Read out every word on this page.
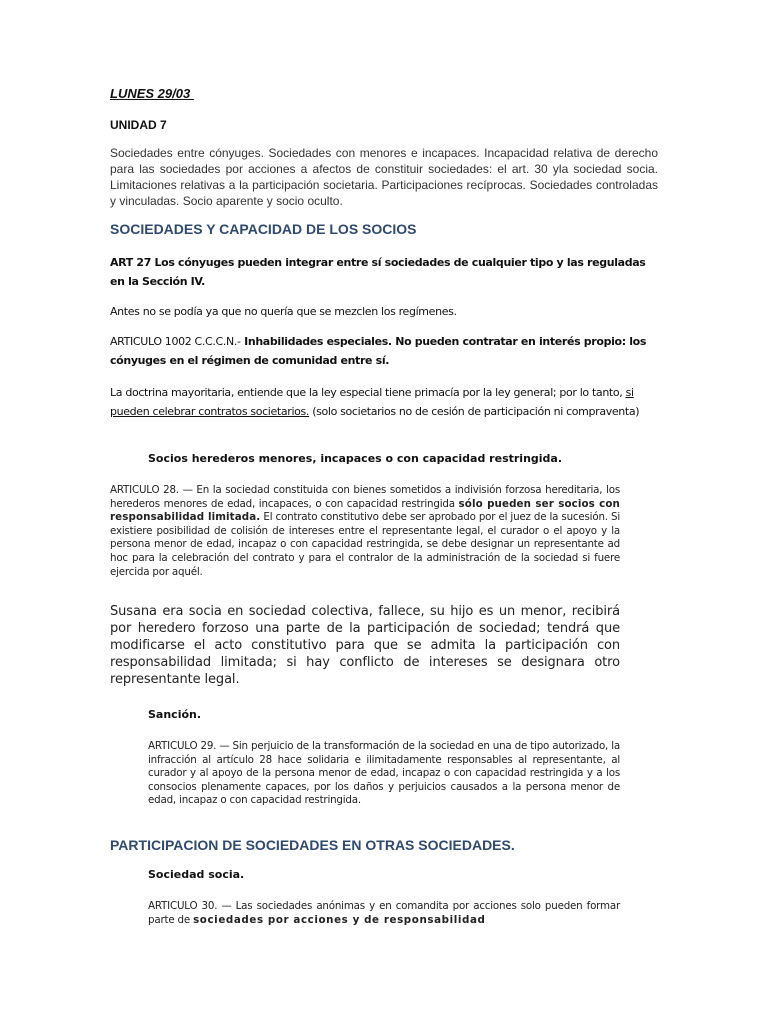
LUNES 29/03

UNIDAD 7

Sociedades entre cónyuges. Sociedades con menores e incapaces. Incapacidad relativa de derecho para las sociedades por acciones a afectos de constituir sociedades: el art. 30 yla sociedad socia. Limitaciones relativas a la participación societaria. Participaciones recíprocas. Sociedades controladas y vinculadas. Socio aparente y socio oculto.

SOCIEDADES Y CAPACIDAD DE LOS SOCIOS

ART 27 Los cónyuges pueden integrar entre sí sociedades de cualquier tipo y las reguladas en la Sección IV.

Antes no se podía ya que no quería que se mezclen los regímenes.

ARTICULO 1002 C.C.C.N.- Inhabilidades especiales. No pueden contratar en interés propio: los cónyuges en el régimen de comunidad entre sí.

La doctrina mayoritaria, entiende que la ley especial tiene primacía por la ley general; por lo tanto, si pueden celebrar contratos societarios. (solo societarios no de cesión de participación ni compraventa)

Socios herederos menores, incapaces o con capacidad restringida.

ARTICULO 28. — En la sociedad constituida con bienes sometidos a indivisión forzosa hereditaria, los herederos menores de edad, incapaces, o con capacidad restringida sólo pueden ser socios con responsabilidad limitada. El contrato constitutivo debe ser aprobado por el juez de la sucesión. Si existiere posibilidad de colisión de intereses entre el representante legal, el curador o el apoyo y la persona menor de edad, incapaz o con capacidad restringida, se debe designar un representante ad hoc para la celebración del contrato y para el contralor de la administración de la sociedad si fuere ejercida por aquél.

Susana era socia en sociedad colectiva, fallece, su hijo es un menor, recibirá por heredero forzoso una parte de la participación de sociedad; tendrá que modificarse el acto constitutivo para que se admita la participación con responsabilidad limitada; si hay conflicto de intereses se designara otro representante legal.

Sanción.

ARTICULO 29. — Sin perjuicio de la transformación de la sociedad en una de tipo autorizado, la infracción al artículo 28 hace solidaria e ilimitadamente responsables al representante, al curador y al apoyo de la persona menor de edad, incapaz o con capacidad restringida y a los consocios plenamente capaces, por los daños y perjuicios causados a la persona menor de edad, incapaz o con capacidad restringida.

PARTICIPACION DE SOCIEDADES EN OTRAS SOCIEDADES.

Sociedad socia.

ARTICULO 30. — Las sociedades anónimas y en comandita por acciones solo pueden formar parte de sociedades por acciones y de responsabilidad
